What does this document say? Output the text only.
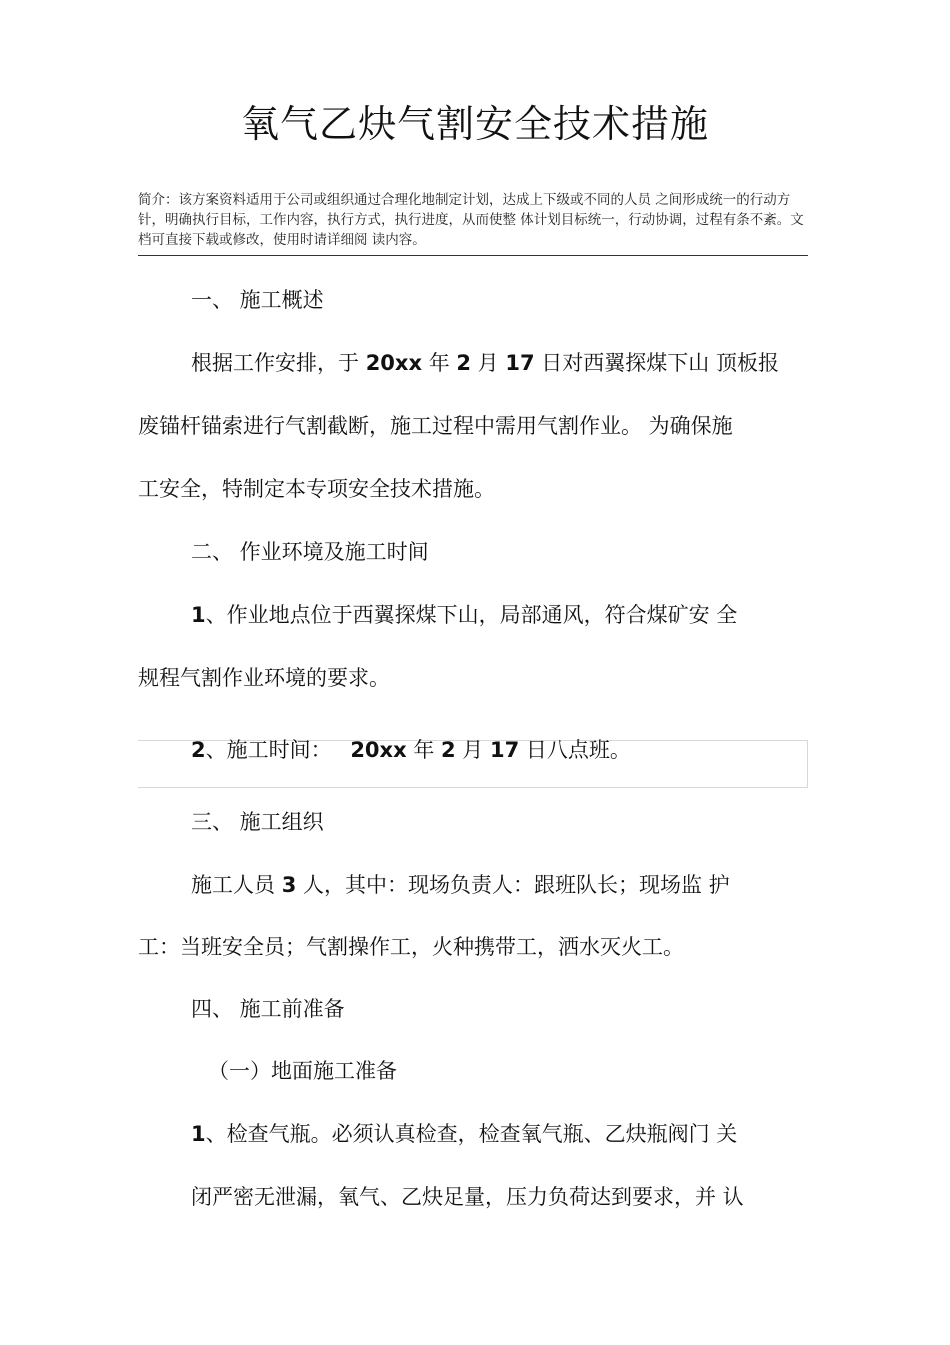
氧气乙炔气割安全技术措施
简介：该方案资料适用于公司或组织通过合理化地制定计划，达成上下级或不同的人员 之间形成统一的行动方针，明确执行目标，工作内容，执行方式，执行进度，从而使整 体计划目标统一，行动协调，过程有条不紊。文档可直接下载或修改，使用时请详细阅 读内容。
一、 施工概述
根据工作安排，于 20xx 年 2 月 17 日对西翼探煤下山 顶板报
废锚杆锚索进行气割截断，施工过程中需用气割作业。 为确保施
工安全，特制定本专项安全技术措施。
二、 作业环境及施工时间
1、作业地点位于西翼探煤下山，局部通风，符合煤矿安 全
规程气割作业环境的要求。
2、施工时间： 20xx 年 2 月 17 日八点班。
三、 施工组织
施工人员 3 人，其中：现场负责人：跟班队长；现场监 护
工：当班安全员；气割操作工，火种携带工，洒水灭火工。
四、 施工前准备
（一）地面施工准备
1、检查气瓶。必须认真检查，检查氧气瓶、乙炔瓶阀门 关
闭严密无泄漏，氧气、乙炔足量，压力负荷达到要求，并 认
